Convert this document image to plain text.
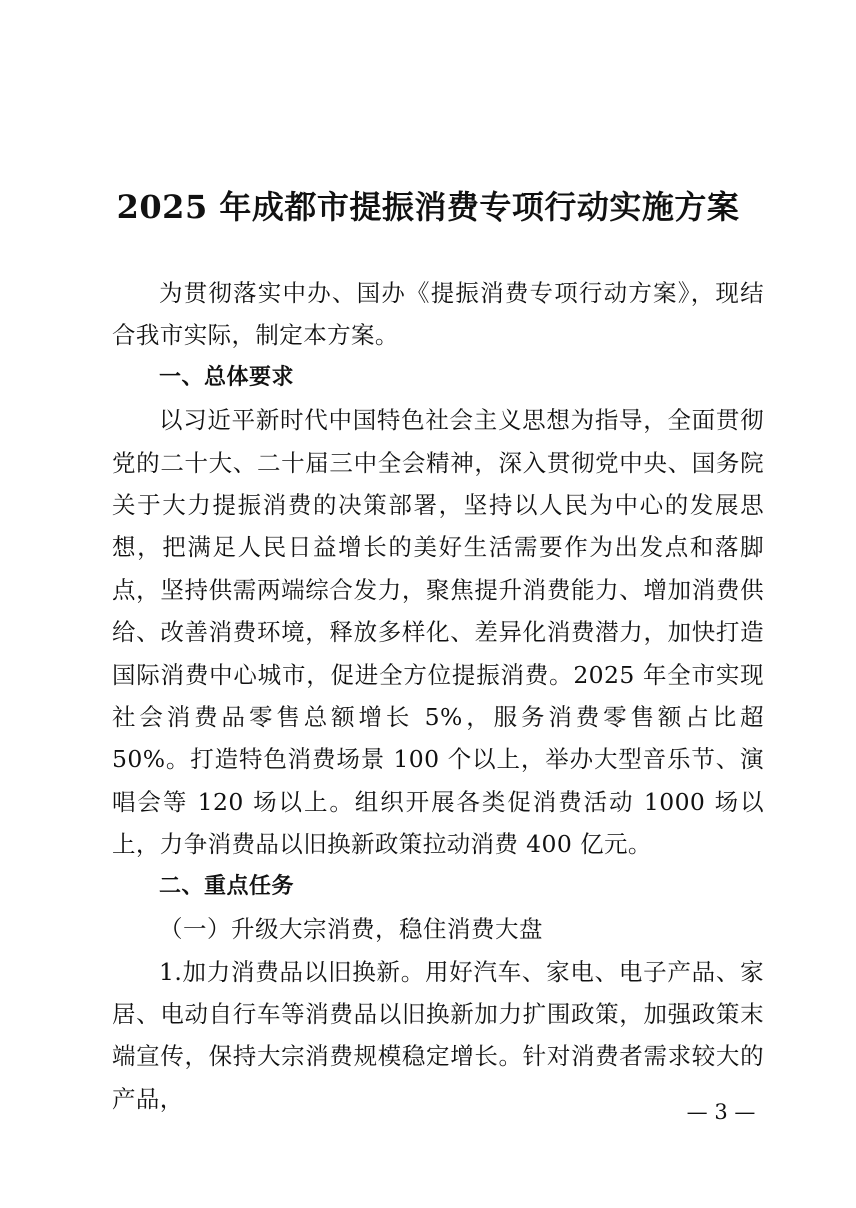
2025 年成都市提振消费专项行动实施方案

为贯彻落实中办、国办《提振消费专项行动方案》，现结合我市实际，制定本方案。

一、总体要求

以习近平新时代中国特色社会主义思想为指导，全面贯彻党的二十大、二十届三中全会精神，深入贯彻党中央、国务院关于大力提振消费的决策部署，坚持以人民为中心的发展思想，把满足人民日益增长的美好生活需要作为出发点和落脚点，坚持供需两端综合发力，聚焦提升消费能力、增加消费供给、改善消费环境，释放多样化、差异化消费潜力，加快打造国际消费中心城市，促进全方位提振消费。2025 年全市实现社会消费品零售总额增长 5%，服务消费零售额占比超 50%。打造特色消费场景 100 个以上，举办大型音乐节、演唱会等 120 场以上。组织开展各类促消费活动 1000 场以上，力争消费品以旧换新政策拉动消费 400 亿元。

二、重点任务

（一）升级大宗消费，稳住消费大盘

1.加力消费品以旧换新。用好汽车、家电、电子产品、家居、电动自行车等消费品以旧换新加力扩围政策，加强政策末端宣传，保持大宗消费规模稳定增长。针对消费者需求较大的产品，	— 3 —
